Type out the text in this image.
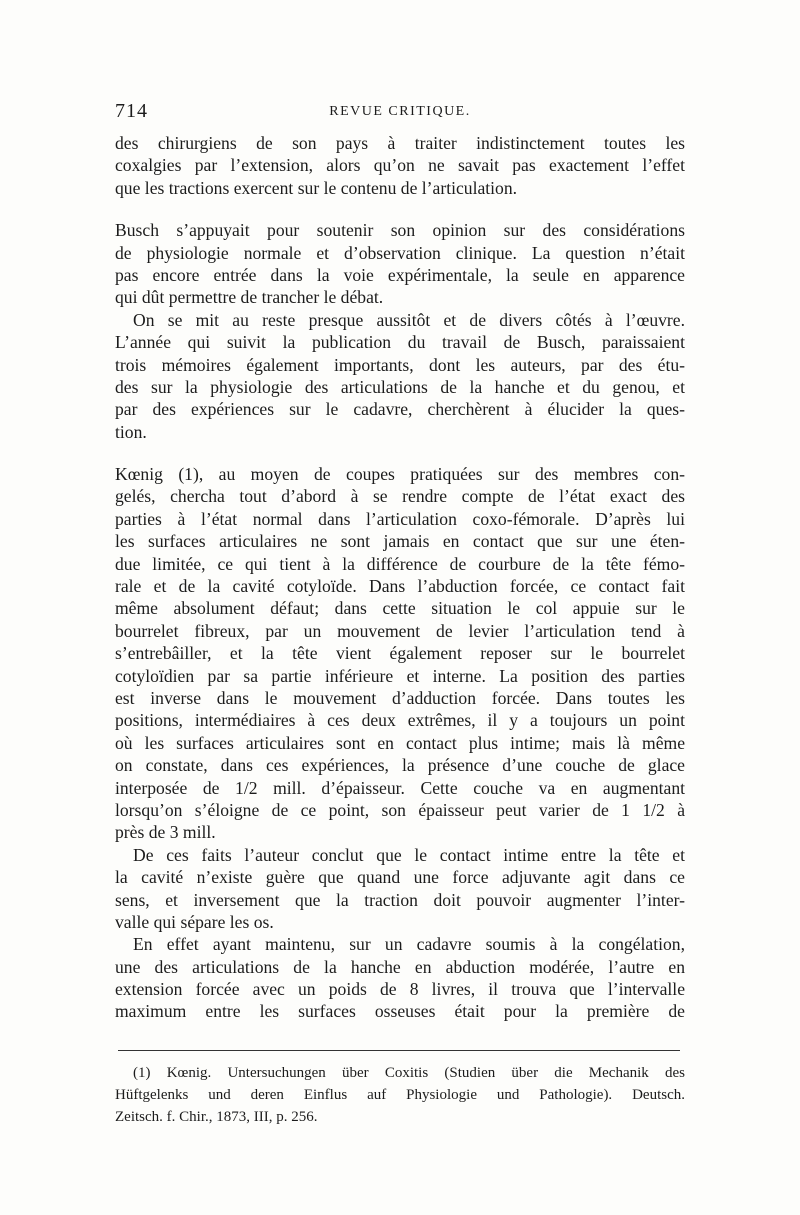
714	REVUE CRITIQUE.
des chirurgiens de son pays à traiter indistinctement toutes les
coxalgies par l’extension, alors qu’on ne savait pas exactement l’effet
que les tractions exercent sur le contenu de l’articulation.
Busch s’appuyait pour soutenir son opinion sur des considérations
de physiologie normale et d’observation clinique. La question n’était
pas encore entrée dans la voie expérimentale, la seule en apparence
qui dût permettre de trancher le débat.
On se mit au reste presque aussitôt et de divers côtés à l’œuvre.
L’année qui suivit la publication du travail de Busch, paraissaient
trois mémoires également importants, dont les auteurs, par des étu-
des sur la physiologie des articulations de la hanche et du genou, et
par des expériences sur le cadavre, cherchèrent à élucider la ques-
tion.
Kœnig (1), au moyen de coupes pratiquées sur des membres con-
gelés, chercha tout d’abord à se rendre compte de l’état exact des
parties à l’état normal dans l’articulation coxo-fémorale. D’après lui
les surfaces articulaires ne sont jamais en contact que sur une éten-
due limitée, ce qui tient à la différence de courbure de la tête fémo-
rale et de la cavité cotyloïde. Dans l’abduction forcée, ce contact fait
même absolument défaut; dans cette situation le col appuie sur le
bourrelet fibreux, par un mouvement de levier l’articulation tend à
s’entrebâiller, et la tête vient également reposer sur le bourrelet
cotyloïdien par sa partie inférieure et interne. La position des parties
est inverse dans le mouvement d’adduction forcée. Dans toutes les
positions, intermédiaires à ces deux extrêmes, il y a toujours un point
où les surfaces articulaires sont en contact plus intime; mais là même
on constate, dans ces expériences, la présence d’une couche de glace
interposée de 1/2 mill. d’épaisseur. Cette couche va en augmentant
lorsqu’on s’éloigne de ce point, son épaisseur peut varier de 1 1/2 à
près de 3 mill.
De ces faits l’auteur conclut que le contact intime entre la tête et
la cavité n’existe guère que quand une force adjuvante agit dans ce
sens, et inversement que la traction doit pouvoir augmenter l’inter-
valle qui sépare les os.
En effet ayant maintenu, sur un cadavre soumis à la congélation,
une des articulations de la hanche en abduction modérée, l’autre en
extension forcée avec un poids de 8 livres, il trouva que l’intervalle
maximum entre les surfaces osseuses était pour la première de
(1) Kœnig. Untersuchungen über Coxitis (Studien über die Mechanik des
Hüftgelenks und deren Einflus auf Physiologie und Pathologie). Deutsch.
Zeitsch. f. Chir., 1873, III, p. 256.
